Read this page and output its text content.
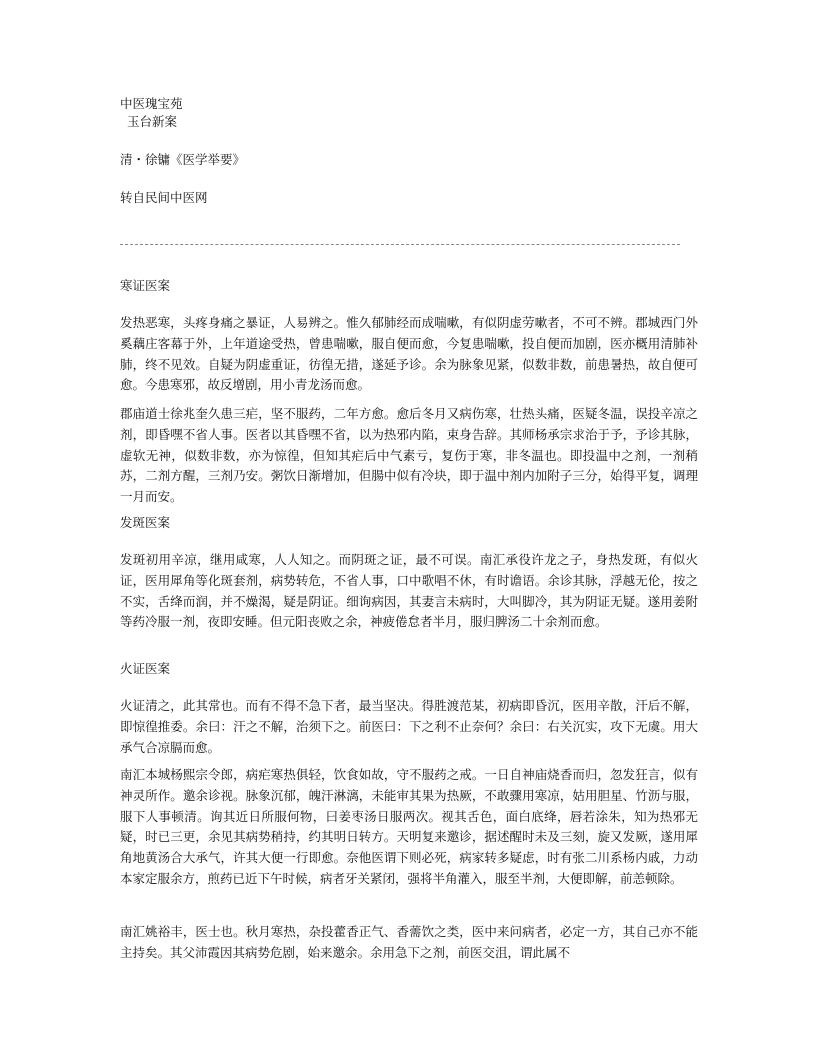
中医瑰宝苑
玉台新案
清・徐镛《医学举要》
转自民间中医网
寒证医案
发热恶寒，头疼身痛之暴证，人易辨之。惟久郁肺经而成喘嗽，有似阴虚劳嗽者，不可不辨。郡城西门外奚藕庄客幕于外，上年道途受热，曾患喘嗽，服自便而愈，今复患喘嗽，投自便而加剧，医亦概用清肺补肺，终不见效。自疑为阴虚重证，彷徨无措，遂延予诊。余为脉象见紧，似数非数，前患暑热，故自便可愈。今患寒邪，故反增剧，用小青龙汤而愈。
郡庙道士徐兆奎久患三疟，坚不服药，二年方愈。愈后冬月又病伤寒，壮热头痛，医疑冬温，误投辛凉之剂，即昏嘿不省人事。医者以其昏嘿不省，以为热邪内陷，束身告辞。其师杨承宗求治于予，予诊其脉，虚软无神，似数非数，亦为惊徨，但知其疟后中气素亏，复伤于寒，非冬温也。即投温中之剂，一剂稍苏，二剂方醒，三剂乃安。粥饮日渐增加，但腸中似有冷块，即于温中剂内加附子三分，始得平复，调理一月而安。
发斑医案
发斑初用辛凉，继用咸寒，人人知之。而阴斑之证，最不可误。南汇承役许龙之子，身热发斑，有似火证，医用犀角等化斑套剂，病势转危，不省人事，口中歌唱不休，有时谵语。余诊其脉，浮越无伦，按之不实，舌绛而润，并不燥渴，疑是阴证。细询病因，其妻言未病时，大叫脚冷，其为阴证无疑。遂用姜附等药冷服一剂，夜即安睡。但元阳丧败之余，神疲倦怠者半月，服归脾汤二十余剂而愈。
火证医案
火证清之，此其常也。而有不得不急下者，最当坚决。得胜渡范某，初病即昏沉，医用辛散，汗后不解，即惊徨推委。余曰：汗之不解，治须下之。前医曰：下之利不止奈何？余曰：右关沉实，攻下无虞。用大承气合凉膈而愈。
南汇本城杨熙宗令郎，病疟寒热俱轻，饮食如故，守不服药之戒。一日自神庙烧香而归，忽发狂言，似有神灵所作。邀余诊视。脉象沉郁，魄汗淋漓，未能审其果为热厥，不敢骤用寒凉，姑用胆星、竹沥与服，服下人事顿清。询其近日所服何物，曰姜枣汤日服两次。视其舌色，面白底绛，唇若涂朱，知为热邪无疑，时已三更，余见其病势稍持，约其明日转方。天明复来邀诊，据述醒时未及三刻，旋又发厥，遂用犀角地黄汤合大承气，许其大便一行即愈。奈他医谓下则必死，病家转多疑虑，时有张二川系杨内戚，力动本家定服余方，煎药已近下午时候，病者牙关紧闭，强将半角灌入，服至半剂，大便即解，前恙顿除。
南汇姚裕丰，医士也。秋月寒热，杂投藿香正气、香薷饮之类，医中来问病者，必定一方，其自己亦不能主持矣。其父沛霞因其病势危剧，始来邀余。余用急下之剂，前医交沮，谓此属不
